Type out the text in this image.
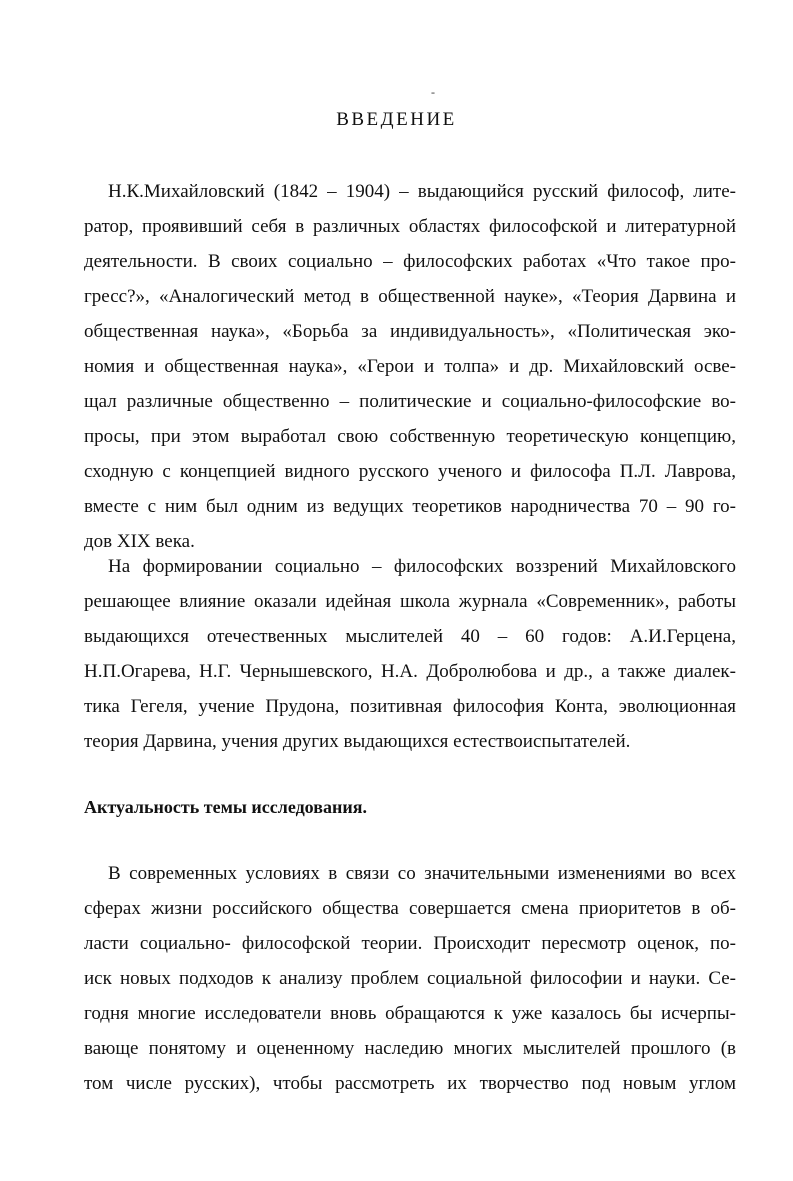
-
ВВЕДЕНИЕ
Н.К.Михайловский (1842 – 1904) – выдающийся русский философ, лите-
ратор, проявивший себя в различных областях философской и литературной
деятельности. В своих социально – философских работах «Что такое про-
гресс?», «Аналогический метод в общественной науке», «Теория Дарвина и
общественная наука», «Борьба за индивидуальность», «Политическая эко-
номия и общественная наука», «Герои и толпа» и др. Михайловский осве-
щал различные общественно – политические и социально-философские во-
просы, при этом выработал свою собственную теоретическую концепцию,
сходную с концепцией видного русского ученого и философа П.Л. Лаврова,
вместе с ним был одним из ведущих теоретиков народничества 70 – 90 го-
дов XIX века.
На формировании социально – философских воззрений Михайловского
решающее влияние оказали идейная школа журнала «Современник», работы
выдающихся отечественных мыслителей 40 – 60 годов: А.И.Герцена,
Н.П.Огарева, Н.Г. Чернышевского, Н.А. Добролюбова и др., а также диалек-
тика Гегеля, учение Прудона, позитивная философия Конта, эволюционная
теория Дарвина, учения других выдающихся естествоиспытателей.
Актуальность темы исследования.
В современных условиях в связи со значительными изменениями во всех
сферах жизни российского общества совершается смена приоритетов в об-
ласти социально- философской теории. Происходит пересмотр оценок, по-
иск новых подходов к анализу проблем социальной философии и науки. Се-
годня многие исследователи вновь обращаются к уже казалось бы исчерпы-
вающе понятому и оцененному наследию многих мыслителей прошлого (в
том числе русских), чтобы рассмотреть их творчество под новым углом
